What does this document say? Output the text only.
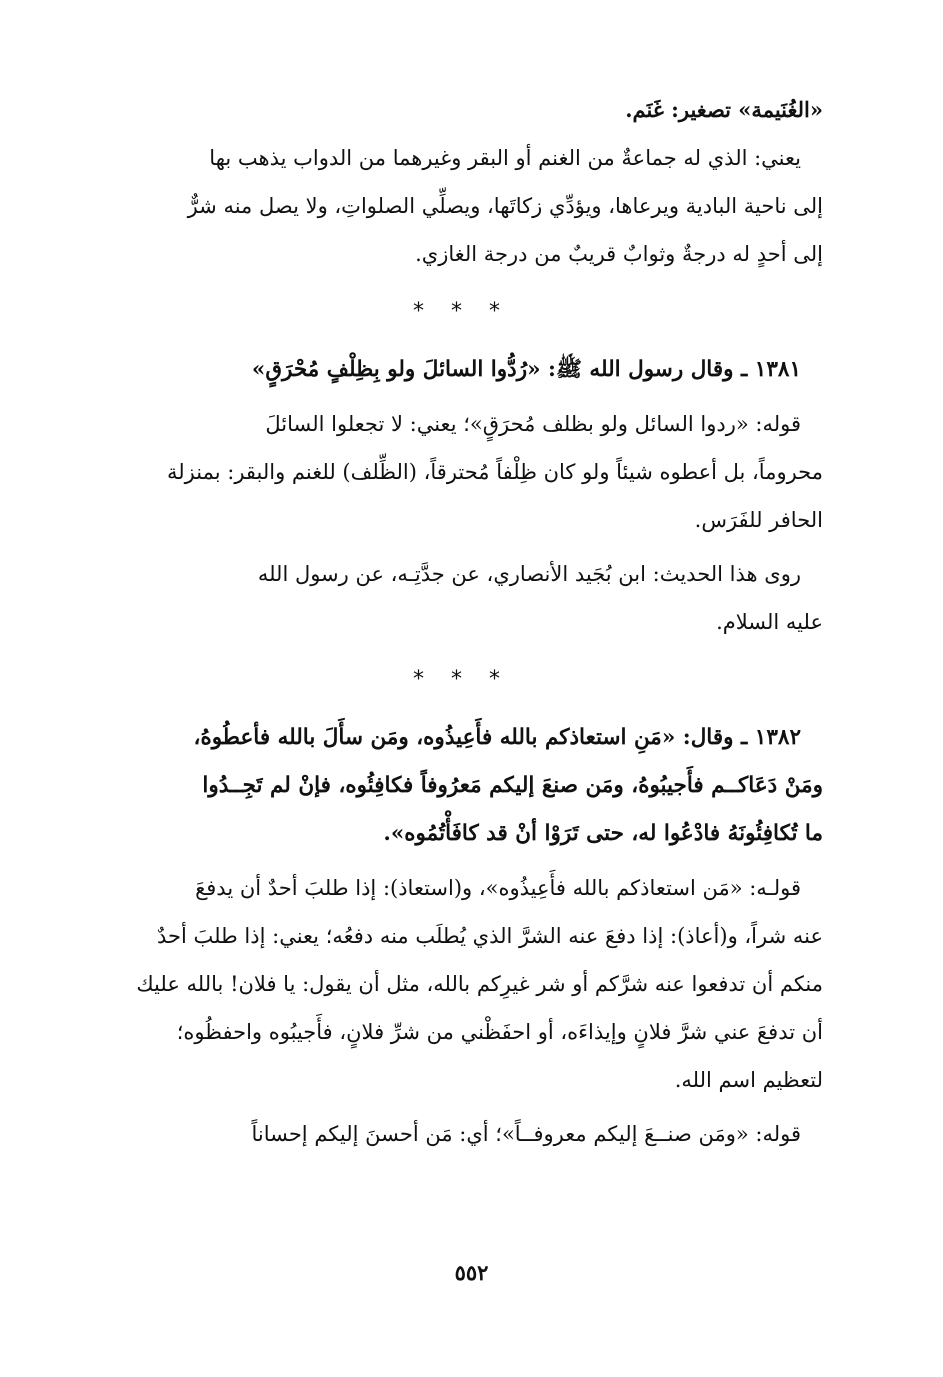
«الغُنَيمة» تصغير: غَنَم.
يعني: الذي له جماعةٌ من الغنم أو البقر وغيرهما من الدواب يذهب بها
إلى ناحية البادية ويرعاها، ويؤدِّي زكاتَها، ويصلِّي الصلواتِ، ولا يصل منه شرٌّ
إلى أحدٍ له درجةٌ وثوابٌ قريبٌ من درجة الغازي.
* * *
١٣٨١ ـ وقال رسول الله ﷺ: «رُدُّوا السائلَ ولو بِظِلْفٍ مُحْرَقٍ»
قوله: «ردوا السائل ولو بظلف مُحرَقٍ»؛ يعني: لا تجعلوا السائلَ
محروماً، بل أعطوه شيئاً ولو كان ظِلْفاً مُحترقاً، (الظِّلف) للغنم والبقر: بمنزلة
الحافر للفَرَس.
روى هذا الحديث: ابن بُجَيد الأنصاري، عن جدَّتِـه، عن رسول الله
عليه السلام.
* * *
١٣٨٢ ـ وقال: «مَنِ استعاذكم بالله فأَعِيذُوه، ومَن سأَلَ بالله فأعطُوهُ،
ومَنْ دَعَاكــم فأَجيبُوهُ، ومَن صنعَ إليكم مَعرُوفاً فكافِئُوه، فإنْ لم تَجِــدُوا
ما تُكافِئُونَهُ فادْعُوا له، حتى تَرَوْا أنْ قد كافَأْتُمُوه».
قولـه: «مَن استعاذكم بالله فأَعِيذُوه»، و(استعاذ): إذا طلبَ أحدٌ أن يدفعَ
عنه شراً، و(أعاذ): إذا دفعَ عنه الشرَّ الذي يُطلَب منه دفعُه؛ يعني: إذا طلبَ أحدٌ
منكم أن تدفعوا عنه شرَّكم أو شر غيرِكم بالله، مثل أن يقول: يا فلان! بالله عليك
أن تدفعَ عني شرَّ فلانٍ وإيذاءَه، أو احفَظْني من شرِّ فلانٍ، فأَجيبُوه واحفظُوه؛
لتعظيم اسم الله.
قوله: «ومَن صنــعَ إليكم معروفــاً»؛ أي: مَن أحسنَ إليكم إحساناً
٥٥٢
